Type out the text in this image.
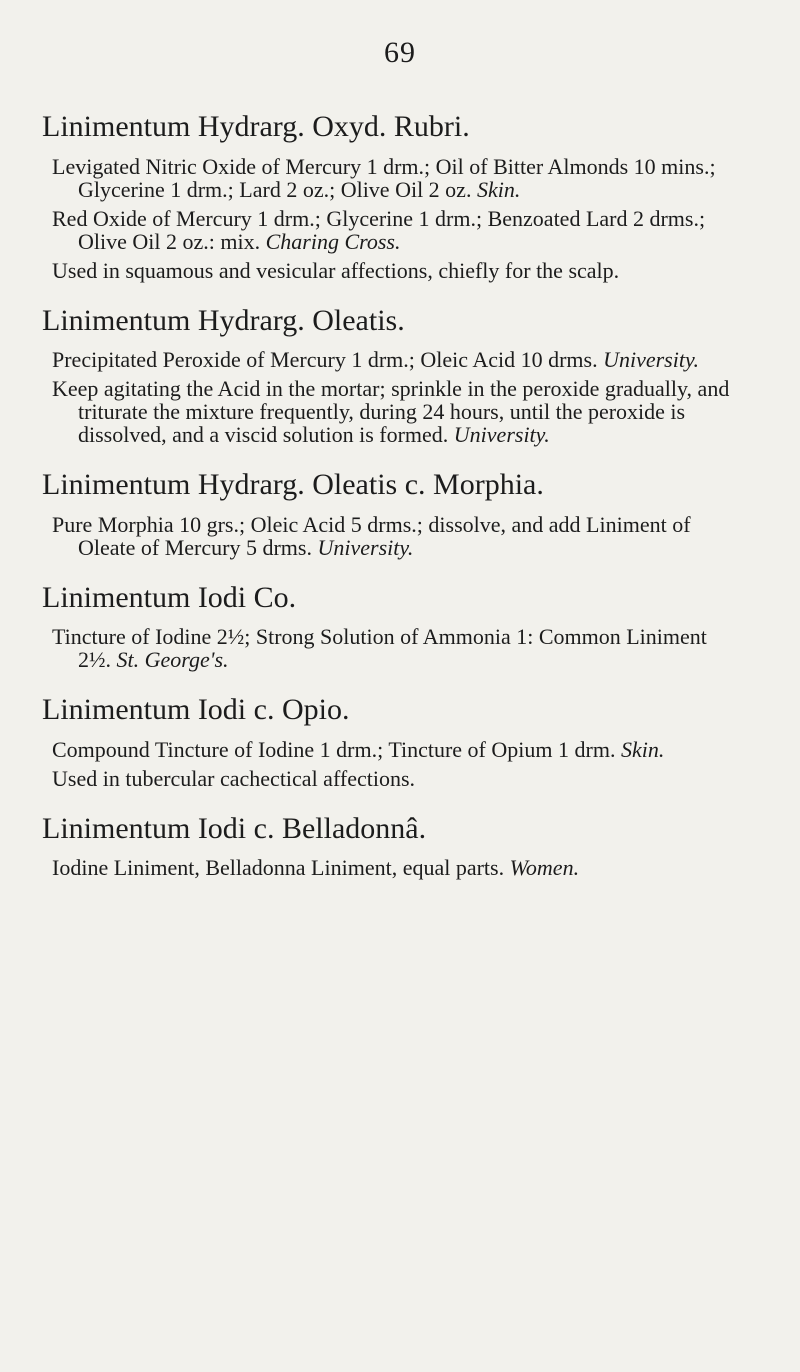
69
Linimentum Hydrarg. Oxyd. Rubri.

Levigated Nitric Oxide of Mercury 1 drm.; Oil of Bitter Almonds 10 mins.; Glycerine 1 drm.; Lard 2 oz.; Olive Oil 2 oz. Skin.

Red Oxide of Mercury 1 drm.; Glycerine 1 drm.; Benzoated Lard 2 drms.; Olive Oil 2 oz.: mix. Charing Cross.

Used in squamous and vesicular affections, chiefly for the scalp.

Linimentum Hydrarg. Oleatis.

Precipitated Peroxide of Mercury 1 drm.; Oleic Acid 10 drms. University.

Keep agitating the Acid in the mortar; sprinkle in the peroxide gradually, and triturate the mixture frequently, during 24 hours, until the peroxide is dissolved, and a viscid solution is formed. University.

Linimentum Hydrarg. Oleatis c. Morphia.

Pure Morphia 10 grs.; Oleic Acid 5 drms.; dissolve, and add Liniment of Oleate of Mercury 5 drms. University.

Linimentum Iodi Co.

Tincture of Iodine 2½; Strong Solution of Ammonia 1: Common Liniment 2½. St. George's.

Linimentum Iodi c. Opio.

Compound Tincture of Iodine 1 drm.; Tincture of Opium 1 drm. Skin.

Used in tubercular cachectical affections.

Linimentum Iodi c. Belladonnâ.

Iodine Liniment, Belladonna Liniment, equal parts. Women.
